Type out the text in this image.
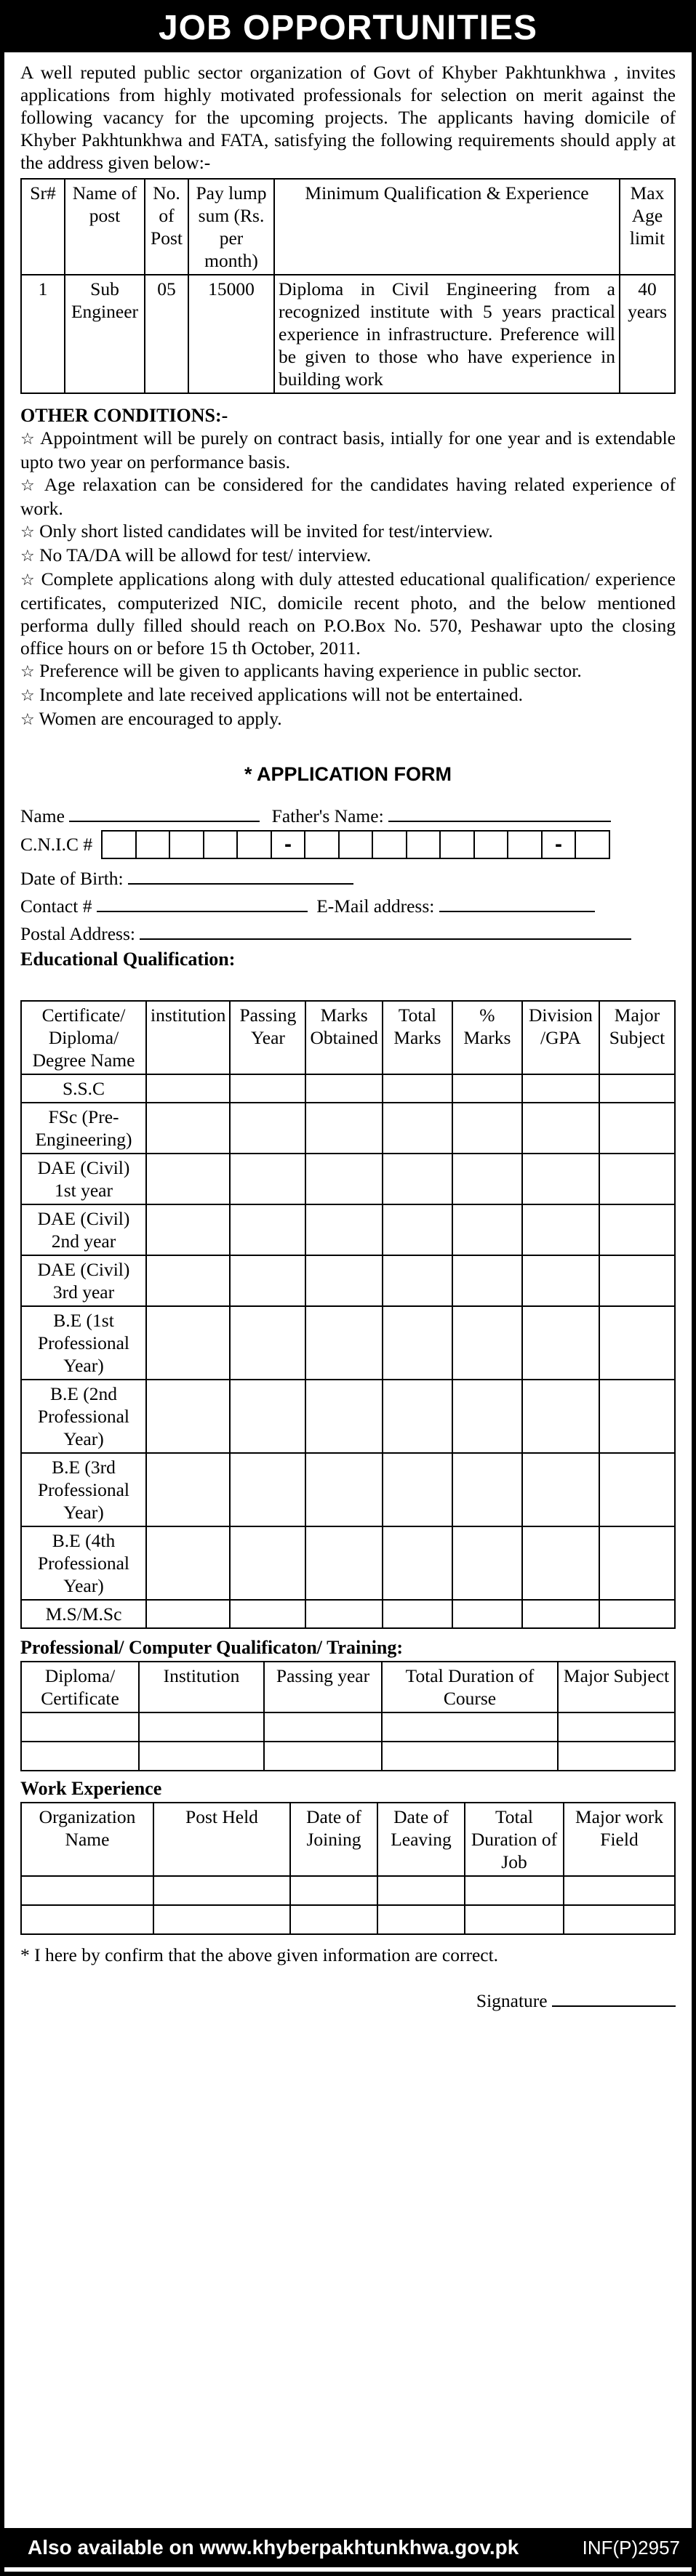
JOB OPPORTUNITIES

A well reputed public sector organization of Govt of Khyber Pakhtunkhwa , invites applications from highly motivated professionals for selection on merit against the following vacancy for the upcoming projects. The applicants having domicile of Khyber Pakhtunkhwa and FATA, satisfying the following requirements should apply at the address given below:-

Sr#	Name of post	No. of Post	Pay lump sum (Rs. per month)	Minimum Qualification & Experience	Max Age limit
1	Sub Engineer	05	15000	Diploma in Civil Engineering from a recognized institute with 5 years practical experience in infrastructure. Preference will be given to those who have experience in building work	40 years
OTHER CONDITIONS:-

☆ Appointment will be purely on contract basis, intially for one year and is extendable upto two year on performance basis.

☆ Age relaxation can be considered for the candidates having related experience of work.

☆ Only short listed candidates will be invited for test/interview.

☆ No TA/DA will be allowd for test/ interview.

☆ Complete applications along with duly attested educational qualification/ experience certificates, computerized NIC, domicile recent photo, and the below mentioned performa dully filled should reach on P.O.Box No. 570, Peshawar upto the closing office hours on or before 15 th October, 2011.

☆ Preference will be given to applicants having experience in public sector.

☆ Incomplete and late received applications will not be entertained.

☆ Women are encouraged to apply.

* APPLICATION FORM
Name	Father's Name:
C.N.I.C #	-	-
Date of Birth:
Contact #	E-Mail address:
Postal Address:

Educational Qualification:

Certificate/ Diploma/ Degree Name	institution	Passing Year	Marks Obtained	Total Marks	% Marks	Division /GPA	Major Subject
S.S.C							
FSc (Pre-Engineering)							
DAE (Civil) 1st year							
DAE (Civil) 2nd year							
DAE (Civil) 3rd year							
B.E (1st Professional Year)							
B.E (2nd Professional Year)							
B.E (3rd Professional Year)							
B.E (4th Professional Year)							
M.S/M.Sc							

Professional/ Computer Qualificaton/ Training:

Diploma/ Certificate	Institution	Passing year	Total Duration of Course	Major Subject

Work Experience

Organization Name	Post Held	Date of Joining	Date of Leaving	Total Duration of Job	Major work Field

* I here by confirm that the above given information are correct.

Signature
Also available on www.khyberpakhtunkhwa.gov.pk	INF(P)2957
